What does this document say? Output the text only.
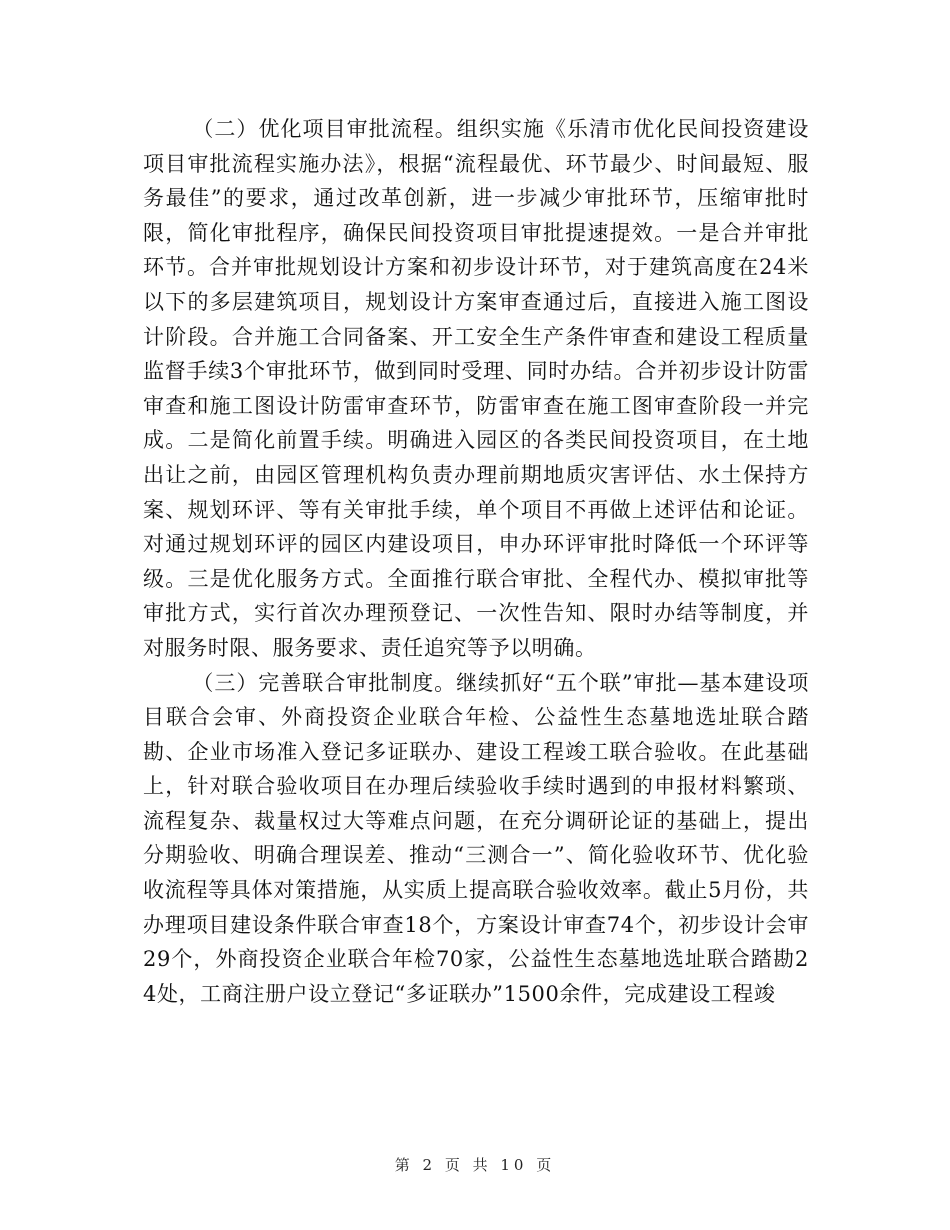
（二）优化项目审批流程。组织实施《乐清市优化民间投资建设项目审批流程实施办法》，根据“流程最优、环节最少、时间最短、服务最佳”的要求，通过改革创新，进一步减少审批环节，压缩审批时限，简化审批程序，确保民间投资项目审批提速提效。一是合并审批环节。合并审批规划设计方案和初步设计环节，对于建筑高度在24米以下的多层建筑项目，规划设计方案审查通过后，直接进入施工图设计阶段。合并施工合同备案、开工安全生产条件审查和建设工程质量监督手续3个审批环节，做到同时受理、同时办结。合并初步设计防雷审查和施工图设计防雷审查环节，防雷审查在施工图审查阶段一并完成。二是简化前置手续。明确进入园区的各类民间投资项目，在土地出让之前，由园区管理机构负责办理前期地质灾害评估、水土保持方案、规划环评、等有关审批手续，单个项目不再做上述评估和论证。对通过规划环评的园区内建设项目，申办环评审批时降低一个环评等级。三是优化服务方式。全面推行联合审批、全程代办、模拟审批等审批方式，实行首次办理预登记、一次性告知、限时办结等制度，并对服务时限、服务要求、责任追究等予以明确。

（三）完善联合审批制度。继续抓好“五个联”审批—基本建设项目联合会审、外商投资企业联合年检、公益性生态墓地选址联合踏勘、企业市场准入登记多证联办、建设工程竣工联合验收。在此基础上，针对联合验收项目在办理后续验收手续时遇到的申报材料繁琐、流程复杂、裁量权过大等难点问题，在充分调研论证的基础上，提出分期验收、明确合理误差、推动“三测合一”、简化验收环节、优化验收流程等具体对策措施，从实质上提高联合验收效率。截止5月份，共办理项目建设条件联合审查18个，方案设计审查74个，初步设计会审29个，外商投资企业联合年检70家，公益性生态墓地选址联合踏勘24处，工商注册户设立登记“多证联办”1500余件，完成建设工程竣

第 2 页 共 10 页
